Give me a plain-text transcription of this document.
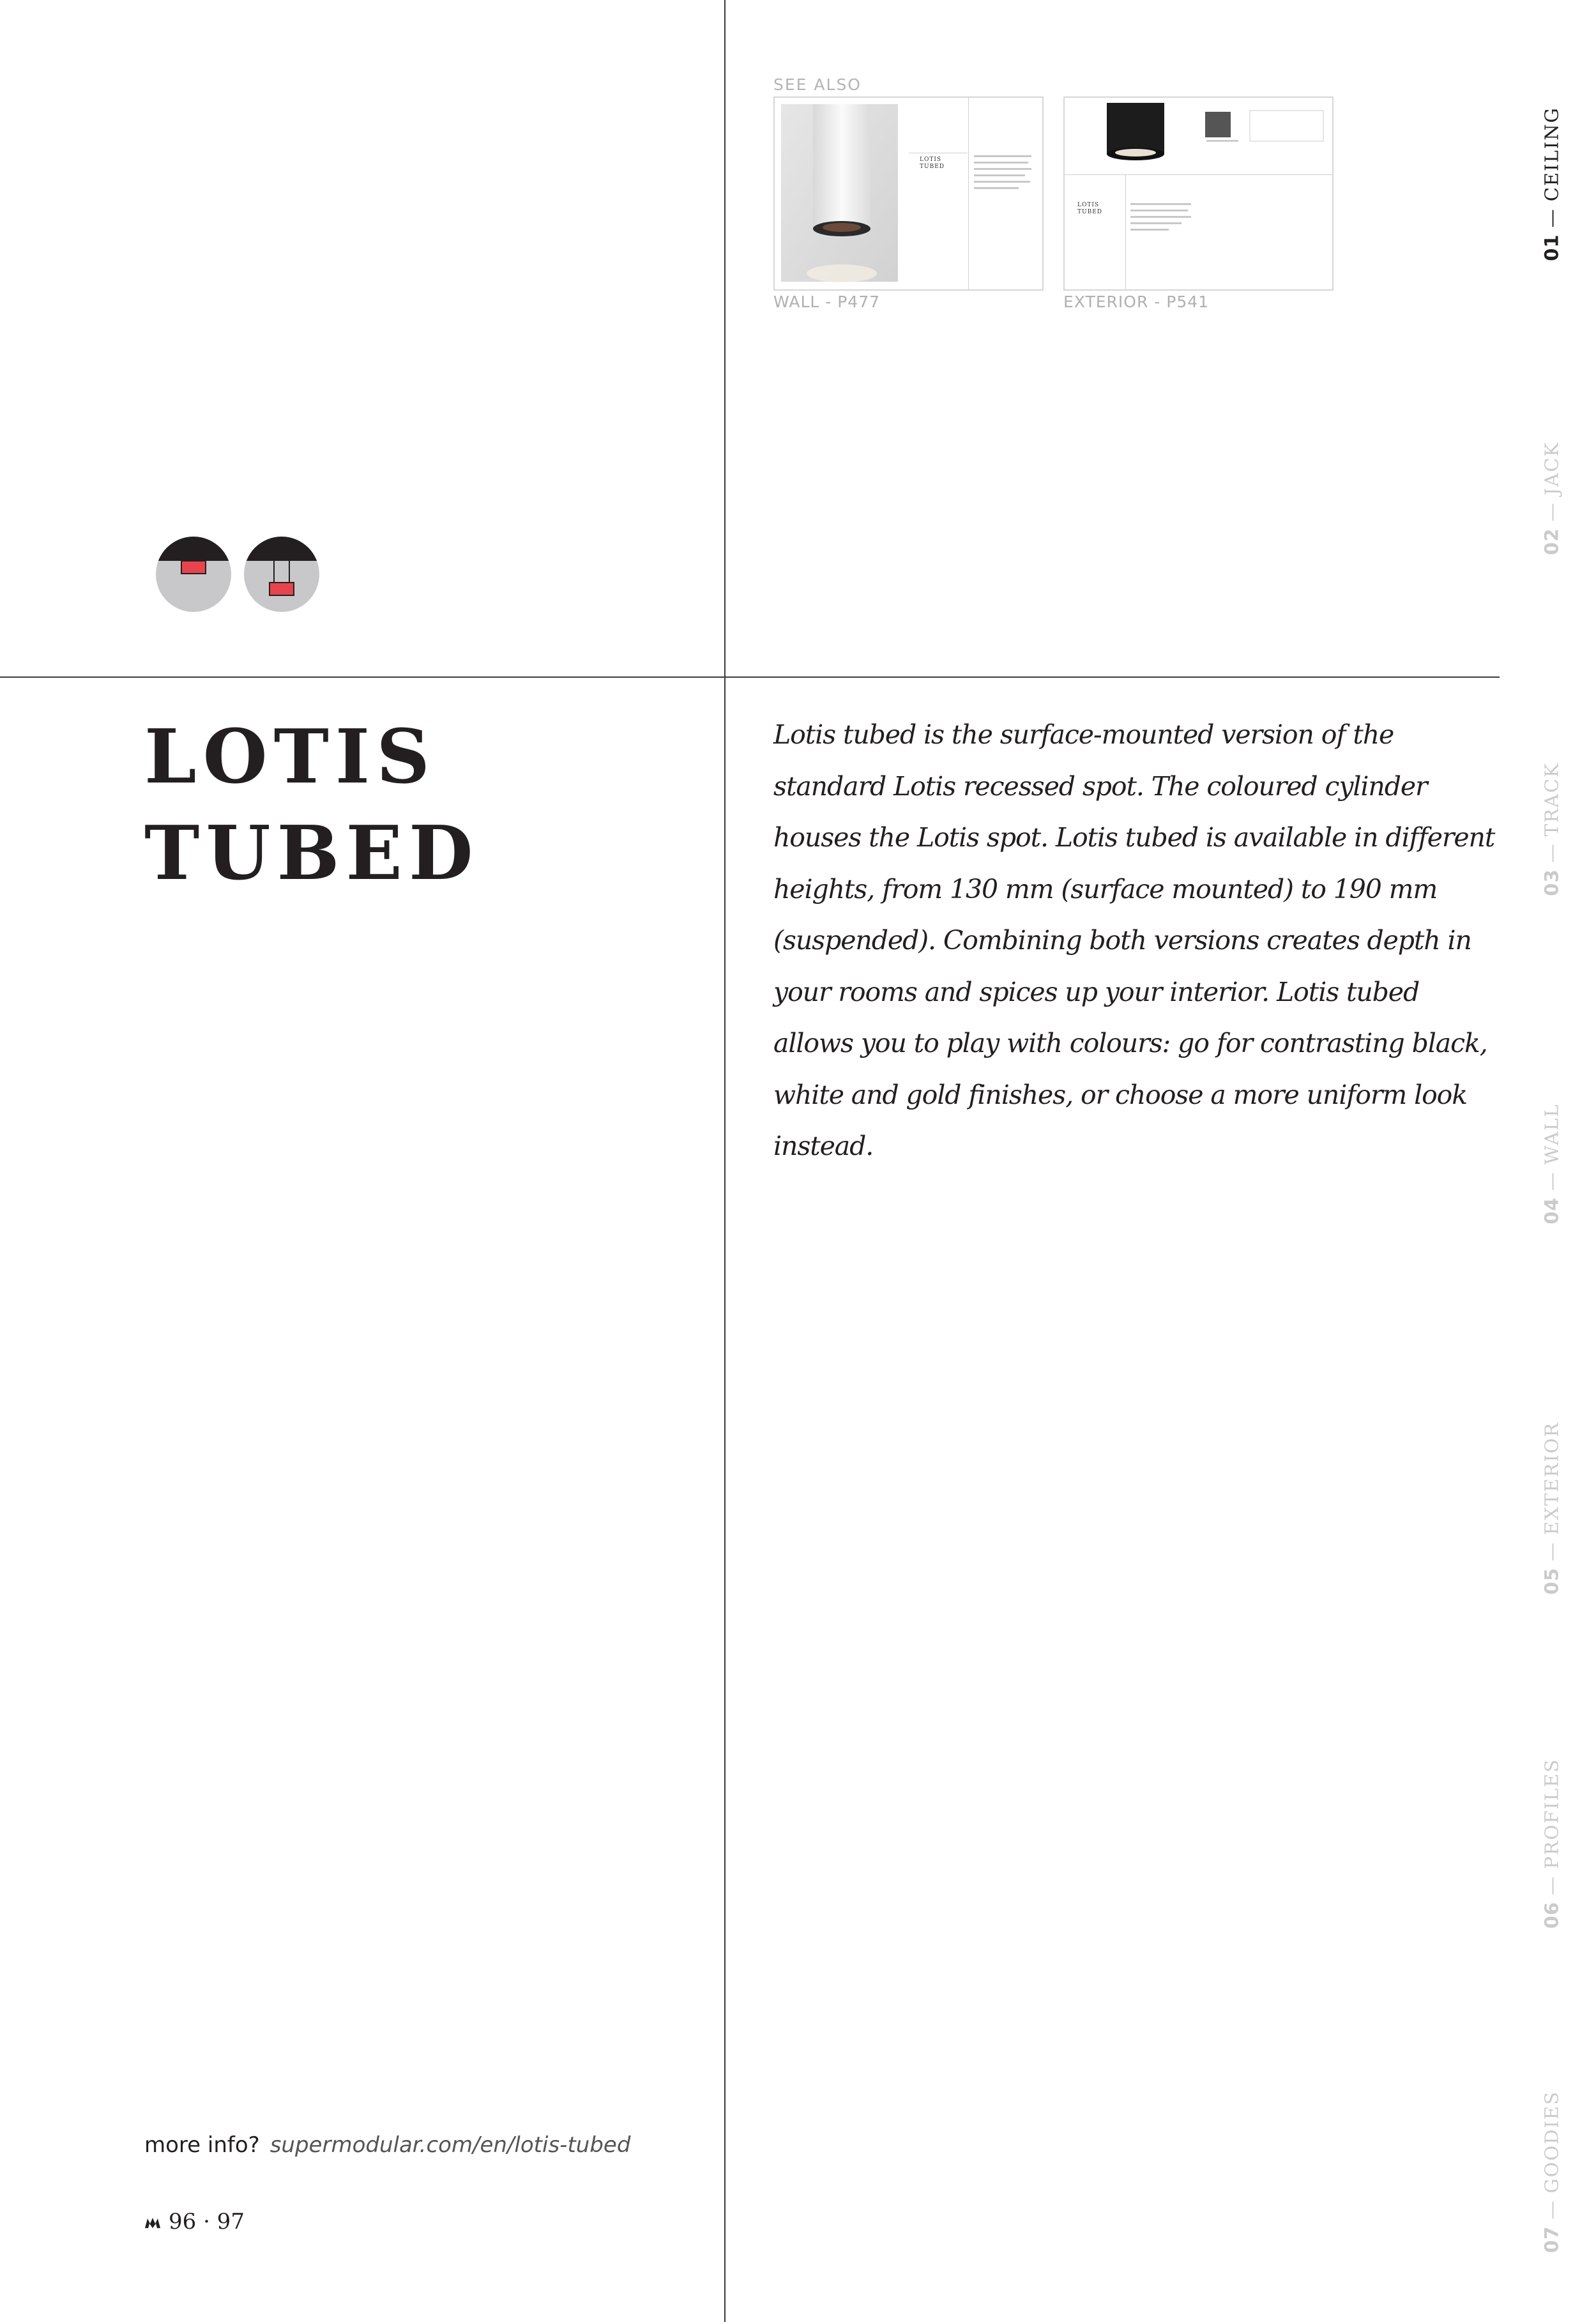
SEE ALSO
LOTIS
TUBED
WALL - P477
LOTIS
TUBED
EXTERIOR - P541
LOTIS
TUBED

Lotis tubed is the surface-mounted version of the standard Lotis recessed spot. The coloured cylinder houses the Lotis spot. Lotis tubed is available in different heights, from 130 mm (surface mounted) to 190 mm (suspended). Combining both versions creates depth in your rooms and spices up your interior. Lotis tubed allows you to play with colours: go for contrasting black, white and gold finishes, or choose a more uniform look instead.

01 — CEILING
02 — JACK
03 — TRACK
04 — WALL
05 — EXTERIOR
06 — PROFILES
07 — GOODIES
more info? supermodular.com/en/lotis-tubed
96 · 97
